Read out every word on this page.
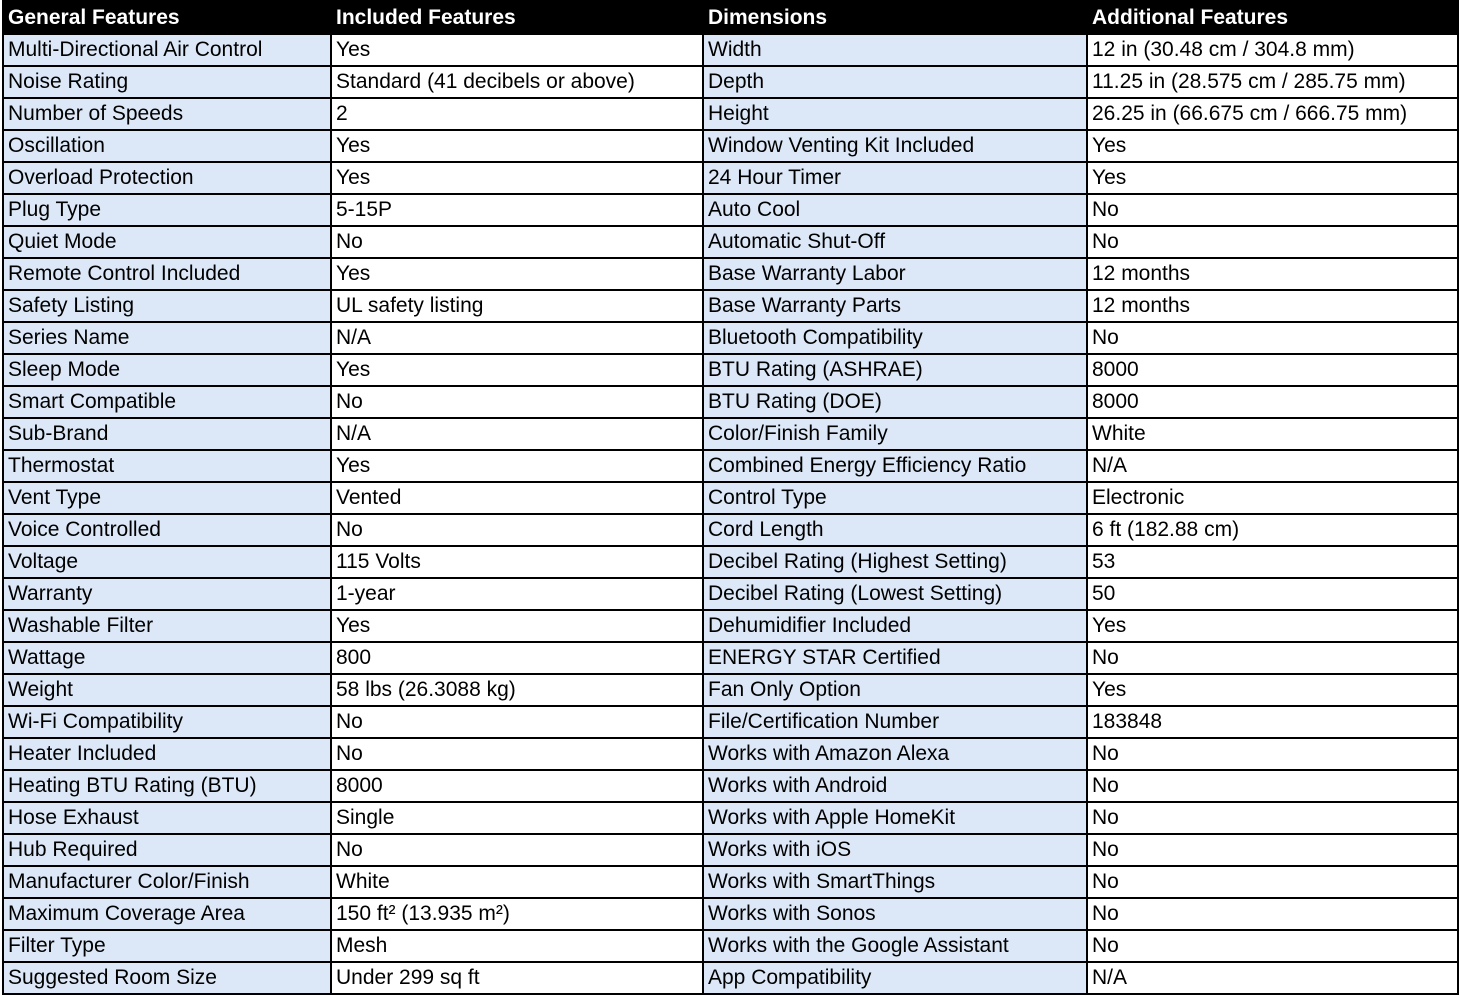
General Features	Included Features	Dimensions	Additional Features
Multi-Directional Air Control	Yes	Width	12 in (30.48 cm / 304.8 mm)
Noise Rating	Standard (41 decibels or above)	Depth	11.25 in (28.575 cm / 285.75 mm)
Number of Speeds	2	Height	26.25 in (66.675 cm / 666.75 mm)
Oscillation	Yes	Window Venting Kit Included	Yes
Overload Protection	Yes	24 Hour Timer	Yes
Plug Type	5-15P	Auto Cool	No
Quiet Mode	No	Automatic Shut-Off	No
Remote Control Included	Yes	Base Warranty Labor	12 months
Safety Listing	UL safety listing	Base Warranty Parts	12 months
Series Name	N/A	Bluetooth Compatibility	No
Sleep Mode	Yes	BTU Rating (ASHRAE)	8000
Smart Compatible	No	BTU Rating (DOE)	8000
Sub-Brand	N/A	Color/Finish Family	White
Thermostat	Yes	Combined Energy Efficiency Ratio	N/A
Vent Type	Vented	Control Type	Electronic
Voice Controlled	No	Cord Length	6 ft (182.88 cm)
Voltage	115 Volts	Decibel Rating (Highest Setting)	53
Warranty	1-year	Decibel Rating (Lowest Setting)	50
Washable Filter	Yes	Dehumidifier Included	Yes
Wattage	800	ENERGY STAR Certified	No
Weight	58 lbs (26.3088 kg)	Fan Only Option	Yes
Wi-Fi Compatibility	No	File/Certification Number	183848
Heater Included	No	Works with Amazon Alexa	No
Heating BTU Rating (BTU)	8000	Works with Android	No
Hose Exhaust	Single	Works with Apple HomeKit	No
Hub Required	No	Works with iOS	No
Manufacturer Color/Finish	White	Works with SmartThings	No
Maximum Coverage Area	150 ft² (13.935 m²)	Works with Sonos	No
Filter Type	Mesh	Works with the Google Assistant	No
Suggested Room Size	Under 299 sq ft	App Compatibility	N/A
